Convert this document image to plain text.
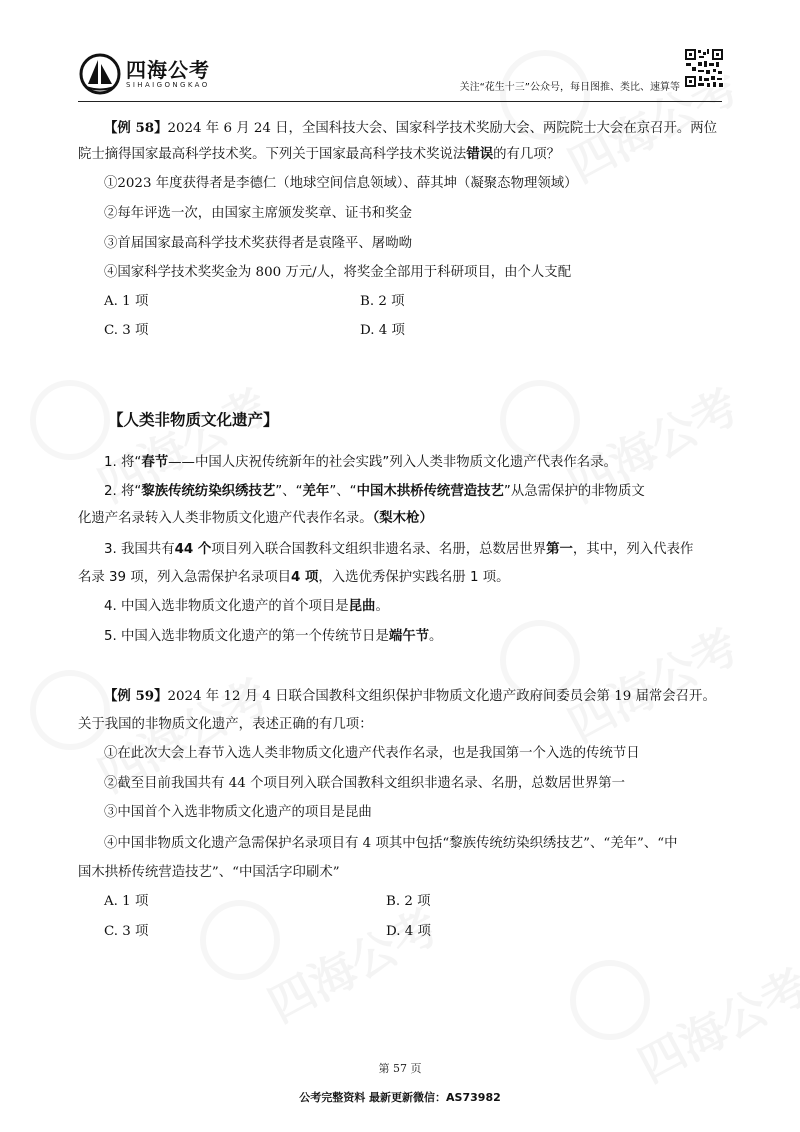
四海公考
SIHAIGONGKAO	关注“花生十三”公众号，每日图推、类比、速算等
【例 58】2024 年 6 月 24 日，全国科技大会、国家科学技术奖励大会、两院院士大会在京召开。两位
院士摘得国家最高科学技术奖。下列关于国家最高科学技术奖说法错误的有几项？
①2023 年度获得者是李德仁（地球空间信息领域）、薛其坤（凝聚态物理领域）
②每年评选一次，由国家主席颁发奖章、证书和奖金
③首届国家最高科学技术奖获得者是袁隆平、屠呦呦
④国家科学技术奖奖金为 800 万元/人，将奖金全部用于科研项目，由个人支配
A. 1 项	B. 2 项
C. 3 项	D. 4 项
【人类非物质文化遗产】
1. 将“春节——中国人庆祝传统新年的社会实践”列入人类非物质文化遗产代表作名录。
2. 将“黎族传统纺染织绣技艺”、“羌年”、“中国木拱桥传统营造技艺”从急需保护的非物质文
化遗产名录转入人类非物质文化遗产代表作名录。（梨木枪）
3. 我国共有44 个项目列入联合国教科文组织非遗名录、名册，总数居世界第一，其中，列入代表作
名录 39 项，列入急需保护名录项目4 项，入选优秀保护实践名册 1 项。
4. 中国入选非物质文化遗产的首个项目是昆曲。
5. 中国入选非物质文化遗产的第一个传统节日是端午节。
【例 59】2024 年 12 月 4 日联合国教科文组织保护非物质文化遗产政府间委员会第 19 届常会召开。
关于我国的非物质文化遗产，表述正确的有几项：
①在此次大会上春节入选人类非物质文化遗产代表作名录，也是我国第一个入选的传统节日
②截至目前我国共有 44 个项目列入联合国教科文组织非遗名录、名册，总数居世界第一
③中国首个入选非物质文化遗产的项目是昆曲
④中国非物质文化遗产急需保护名录项目有 4 项其中包括“黎族传统纺染织绣技艺”、“羌年”、“中
国木拱桥传统营造技艺”、“中国活字印刷术”
A. 1 项	B. 2 项
C. 3 项	D. 4 项
第 57 页
公考完整资料 最新更新微信：AS73982
